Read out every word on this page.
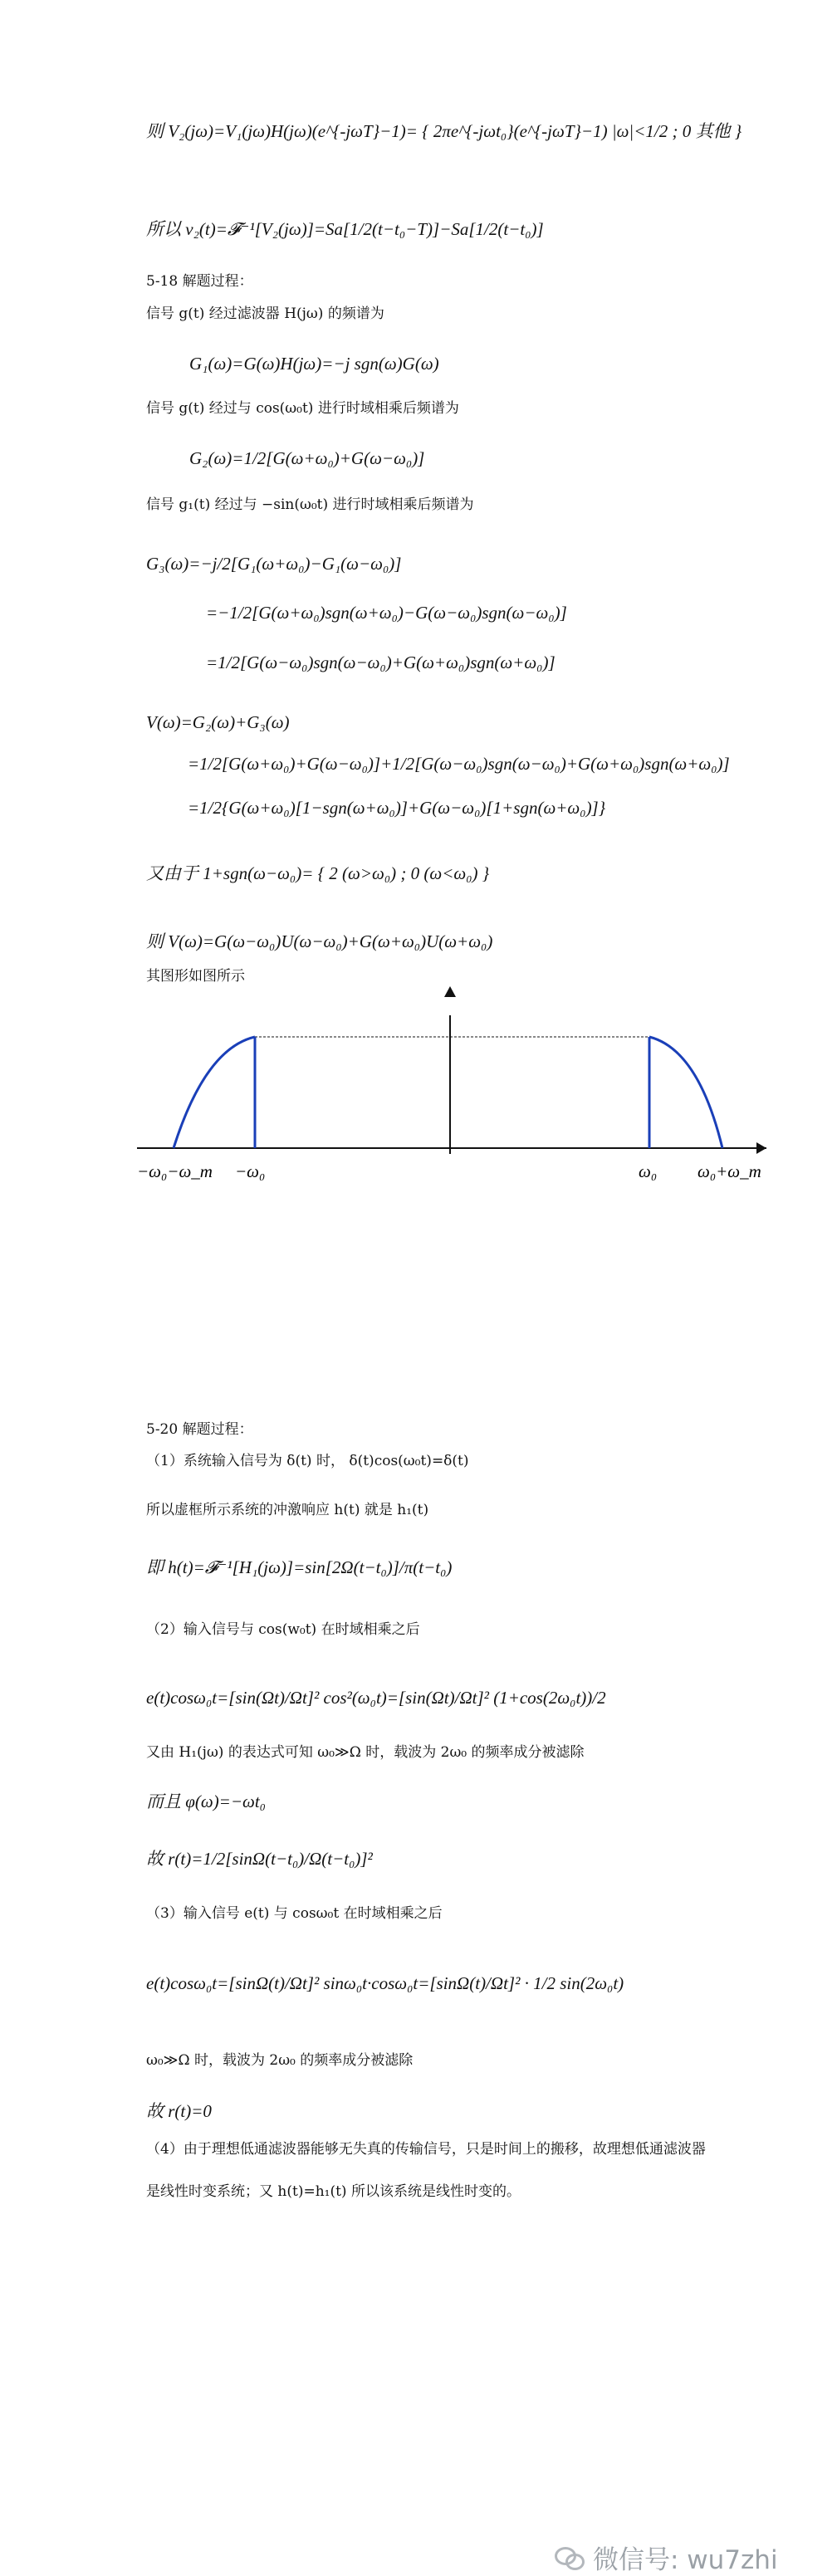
则 V₂(jω)=V₁(jω)H(jω)(e^{-jωT}−1)= { 2πe^{-jωt₀}(e^{-jωT}−1) |ω|<1/2 ; 0 其他 }
所以 v₂(t)=𝓕⁻¹[V₂(jω)]=Sa[1/2(t−t₀−T)]−Sa[1/2(t−t₀)]
5-18 解题过程：
信号 g(t) 经过滤波器 H(jω) 的频谱为
G₁(ω)=G(ω)H(jω)=−j sgn(ω)G(ω)
信号 g(t) 经过与 cos(ω₀t) 进行时域相乘后频谱为
G₂(ω)=1/2[G(ω+ω₀)+G(ω−ω₀)]
信号 g₁(t) 经过与 −sin(ω₀t) 进行时域相乘后频谱为
G₃(ω)=−j/2[G₁(ω+ω₀)−G₁(ω−ω₀)]
=−1/2[G(ω+ω₀)sgn(ω+ω₀)−G(ω−ω₀)sgn(ω−ω₀)]
=1/2[G(ω−ω₀)sgn(ω−ω₀)+G(ω+ω₀)sgn(ω+ω₀)]
V(ω)=G₂(ω)+G₃(ω)
=1/2[G(ω+ω₀)+G(ω−ω₀)]+1/2[G(ω−ω₀)sgn(ω−ω₀)+G(ω+ω₀)sgn(ω+ω₀)]
=1/2{G(ω+ω₀)[1−sgn(ω+ω₀)]+G(ω−ω₀)[1+sgn(ω+ω₀)]}
又由于 1+sgn(ω−ω₀)= { 2 (ω>ω₀) ; 0 (ω<ω₀) }
则 V(ω)=G(ω−ω₀)U(ω−ω₀)+G(ω+ω₀)U(ω+ω₀)
其图形如图所示
5-20 解题过程：
（1）系统输入信号为 δ(t) 时， δ(t)cos(ω₀t)=δ(t)
所以虚框所示系统的冲激响应 h(t) 就是 h₁(t)
即 h(t)=𝓕⁻¹[H₁(jω)]=sin[2Ω(t−t₀)]/π(t−t₀)
（2）输入信号与 cos(w₀t) 在时域相乘之后
e(t)cosω₀t=[sin(Ωt)/Ωt]² cos²(ω₀t)=[sin(Ωt)/Ωt]² (1+cos(2ω₀t))/2
又由 H₁(jω) 的表达式可知 ω₀≫Ω 时，载波为 2ω₀ 的频率成分被滤除
而且 φ(ω)=−ωt₀
故 r(t)=1/2[sinΩ(t−t₀)/Ω(t−t₀)]²
（3）输入信号 e(t) 与 cosω₀t 在时域相乘之后
e(t)cosω₀t=[sinΩ(t)/Ωt]² sinω₀t·cosω₀t=[sinΩ(t)/Ωt]² · 1/2 sin(2ω₀t)
ω₀≫Ω 时，载波为 2ω₀ 的频率成分被滤除
故 r(t)=0
（4）由于理想低通滤波器能够无失真的传输信号，只是时间上的搬移，故理想低通滤波器
是线性时变系统；又 h(t)=h₁(t) 所以该系统是线性时变的。
−ω₀−ω_m −ω₀	ω₀ ω₀+ω_m
微信号: wu7zhi
